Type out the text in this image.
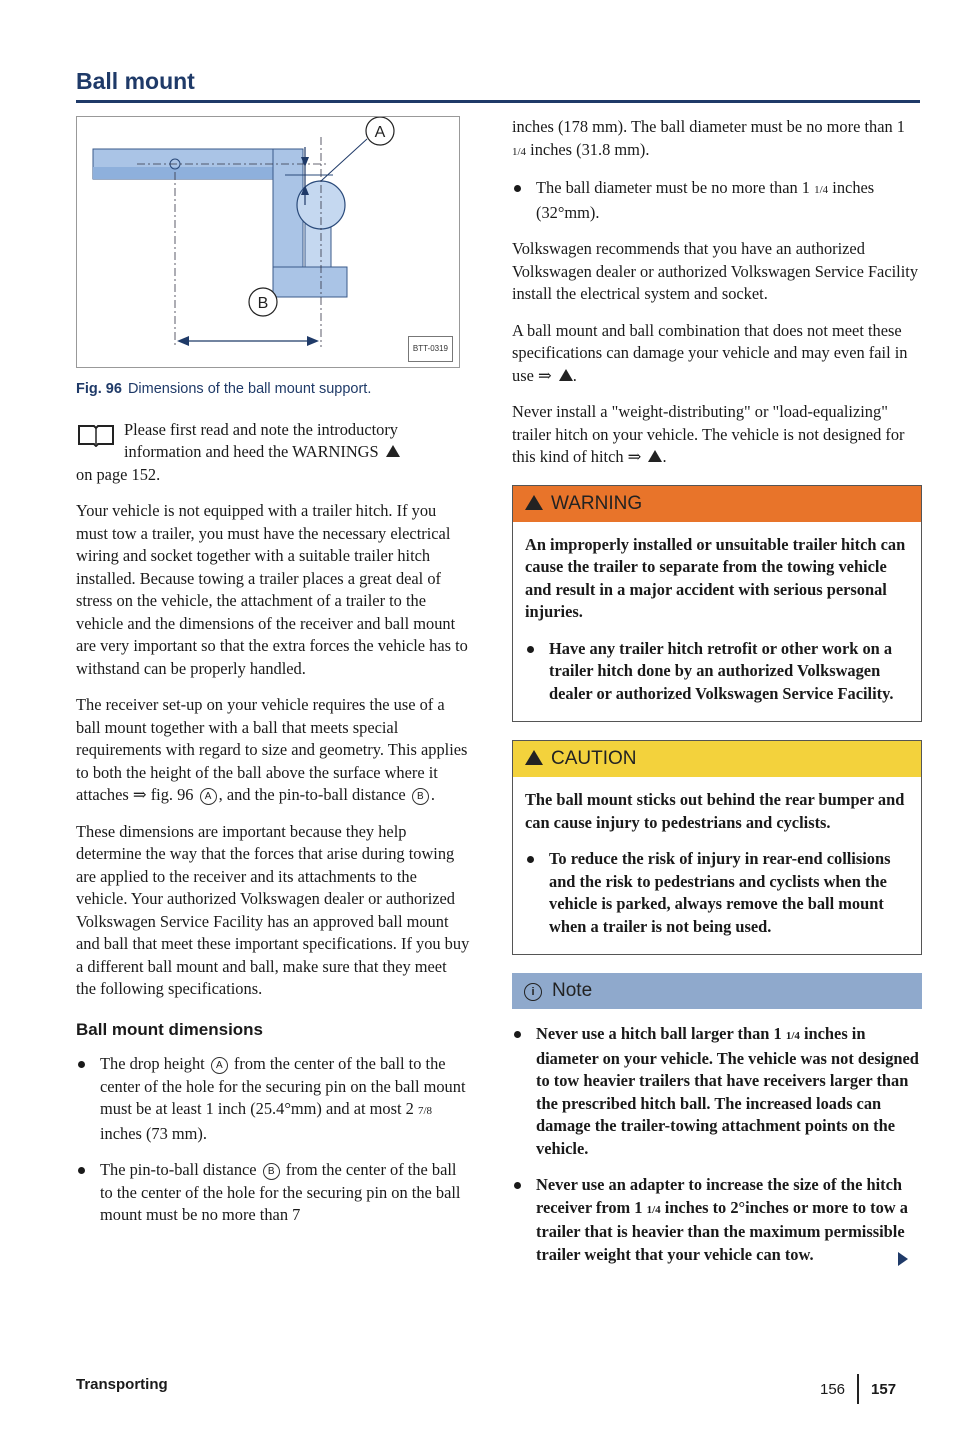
Ball mount
A
B
BTT-0319
Fig. 96 Dimensions of the ball mount support.

Please first read and note the introductory information and heed the WARNINGS
on page 152.

Your vehicle is not equipped with a trailer hitch. If you must tow a trailer, you must have the necessary electrical wiring and socket together with a suitable trailer hitch installed. Because towing a trailer places a great deal of stress on the vehicle, the attachment of a trailer to the vehicle and the dimensions of the receiver and ball mount are very important so that the extra forces the vehicle has to withstand can be properly handled.

The receiver set-up on your vehicle requires the use of a ball mount together with a ball that meets special requirements with regard to size and geometry. This applies to both the height of the ball above the surface where it attaches ⇒ fig. 96 A , and the pin-to-ball distance B .

These dimensions are important because they help determine the way that the forces that arise during towing are applied to the receiver and its attachments to the vehicle. Your authorized Volkswagen dealer or authorized Volkswagen Service Facility has an approved ball mount and ball that meet these important specifications. If you buy a different ball mount and ball, make sure that they meet the following specifications.

Ball mount dimensions
The drop height A from the center of the ball to the center of the hole for the securing pin on the ball mount must be at least 1 inch (25.4°mm) and at most 2 7/8 inches (73 mm).
The pin-to-ball distance B from the center of the ball to the center of the hole for the securing pin on the ball mount must be no more than 7

inches (178 mm). The ball diameter must be no more than 1 1/4 inches (31.8 mm).

The ball diameter must be no more than 1 1/4 inches (32°mm).

Volkswagen recommends that you have an authorized Volkswagen dealer or authorized Volkswagen Service Facility install the electrical system and socket.

A ball mount and ball combination that does not meet these specifications can damage your vehicle and may even fail in use ⇒ .

Never install a "weight-distributing" or "load-equalizing" trailer hitch on your vehicle. The vehicle is not designed for this kind of hitch ⇒ .

WARNING

An improperly installed or unsuitable trailer hitch can cause the trailer to separate from the towing vehicle and result in a major accident with serious personal injuries.

Have any trailer hitch retrofit or other work on a trailer hitch done by an authorized Volkswagen dealer or authorized Volkswagen Service Facility.
CAUTION

The ball mount sticks out behind the rear bumper and can cause injury to pedestrians and cyclists.

To reduce the risk of injury in rear-end collisions and the risk to pedestrians and cyclists when the vehicle is parked, always remove the ball mount when a trailer is not being used.
i Note
Never use a hitch ball larger than 1 1/4 inches in diameter on your vehicle. The vehicle was not designed to tow heavier trailers that have receivers larger than the prescribed hitch ball. The increased loads can damage the trailer-towing attachment points on the vehicle.
Never use an adapter to increase the size of the hitch receiver from 1 1/4 inches to 2°inches or more to tow a trailer that is heavier than the maximum permissible trailer weight that your vehicle can tow.
Transporting	156 157
